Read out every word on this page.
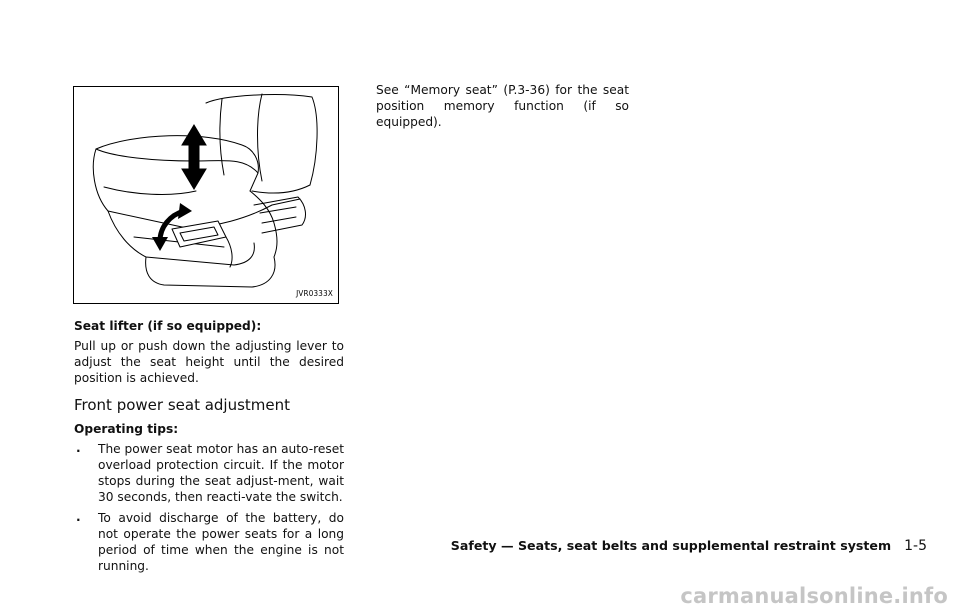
JVR0333X

Seat lifter (if so equipped):

Pull up or push down the adjusting lever to adjust the seat height until the desired position is achieved.

Front power seat adjustment

Operating tips:

. The power seat motor has an auto-reset overload protection circuit. If the motor stops during the seat adjust-ment, wait 30 seconds, then reacti-vate the switch.
. To avoid discharge of the battery, do not operate the power seats for a long period of time when the engine is not running.

See “Memory seat” (P.3-36) for the seat position memory function (if so equipped).

Safety — Seats, seat belts and supplemental restraint system 1-5
carmanualsonline.info
